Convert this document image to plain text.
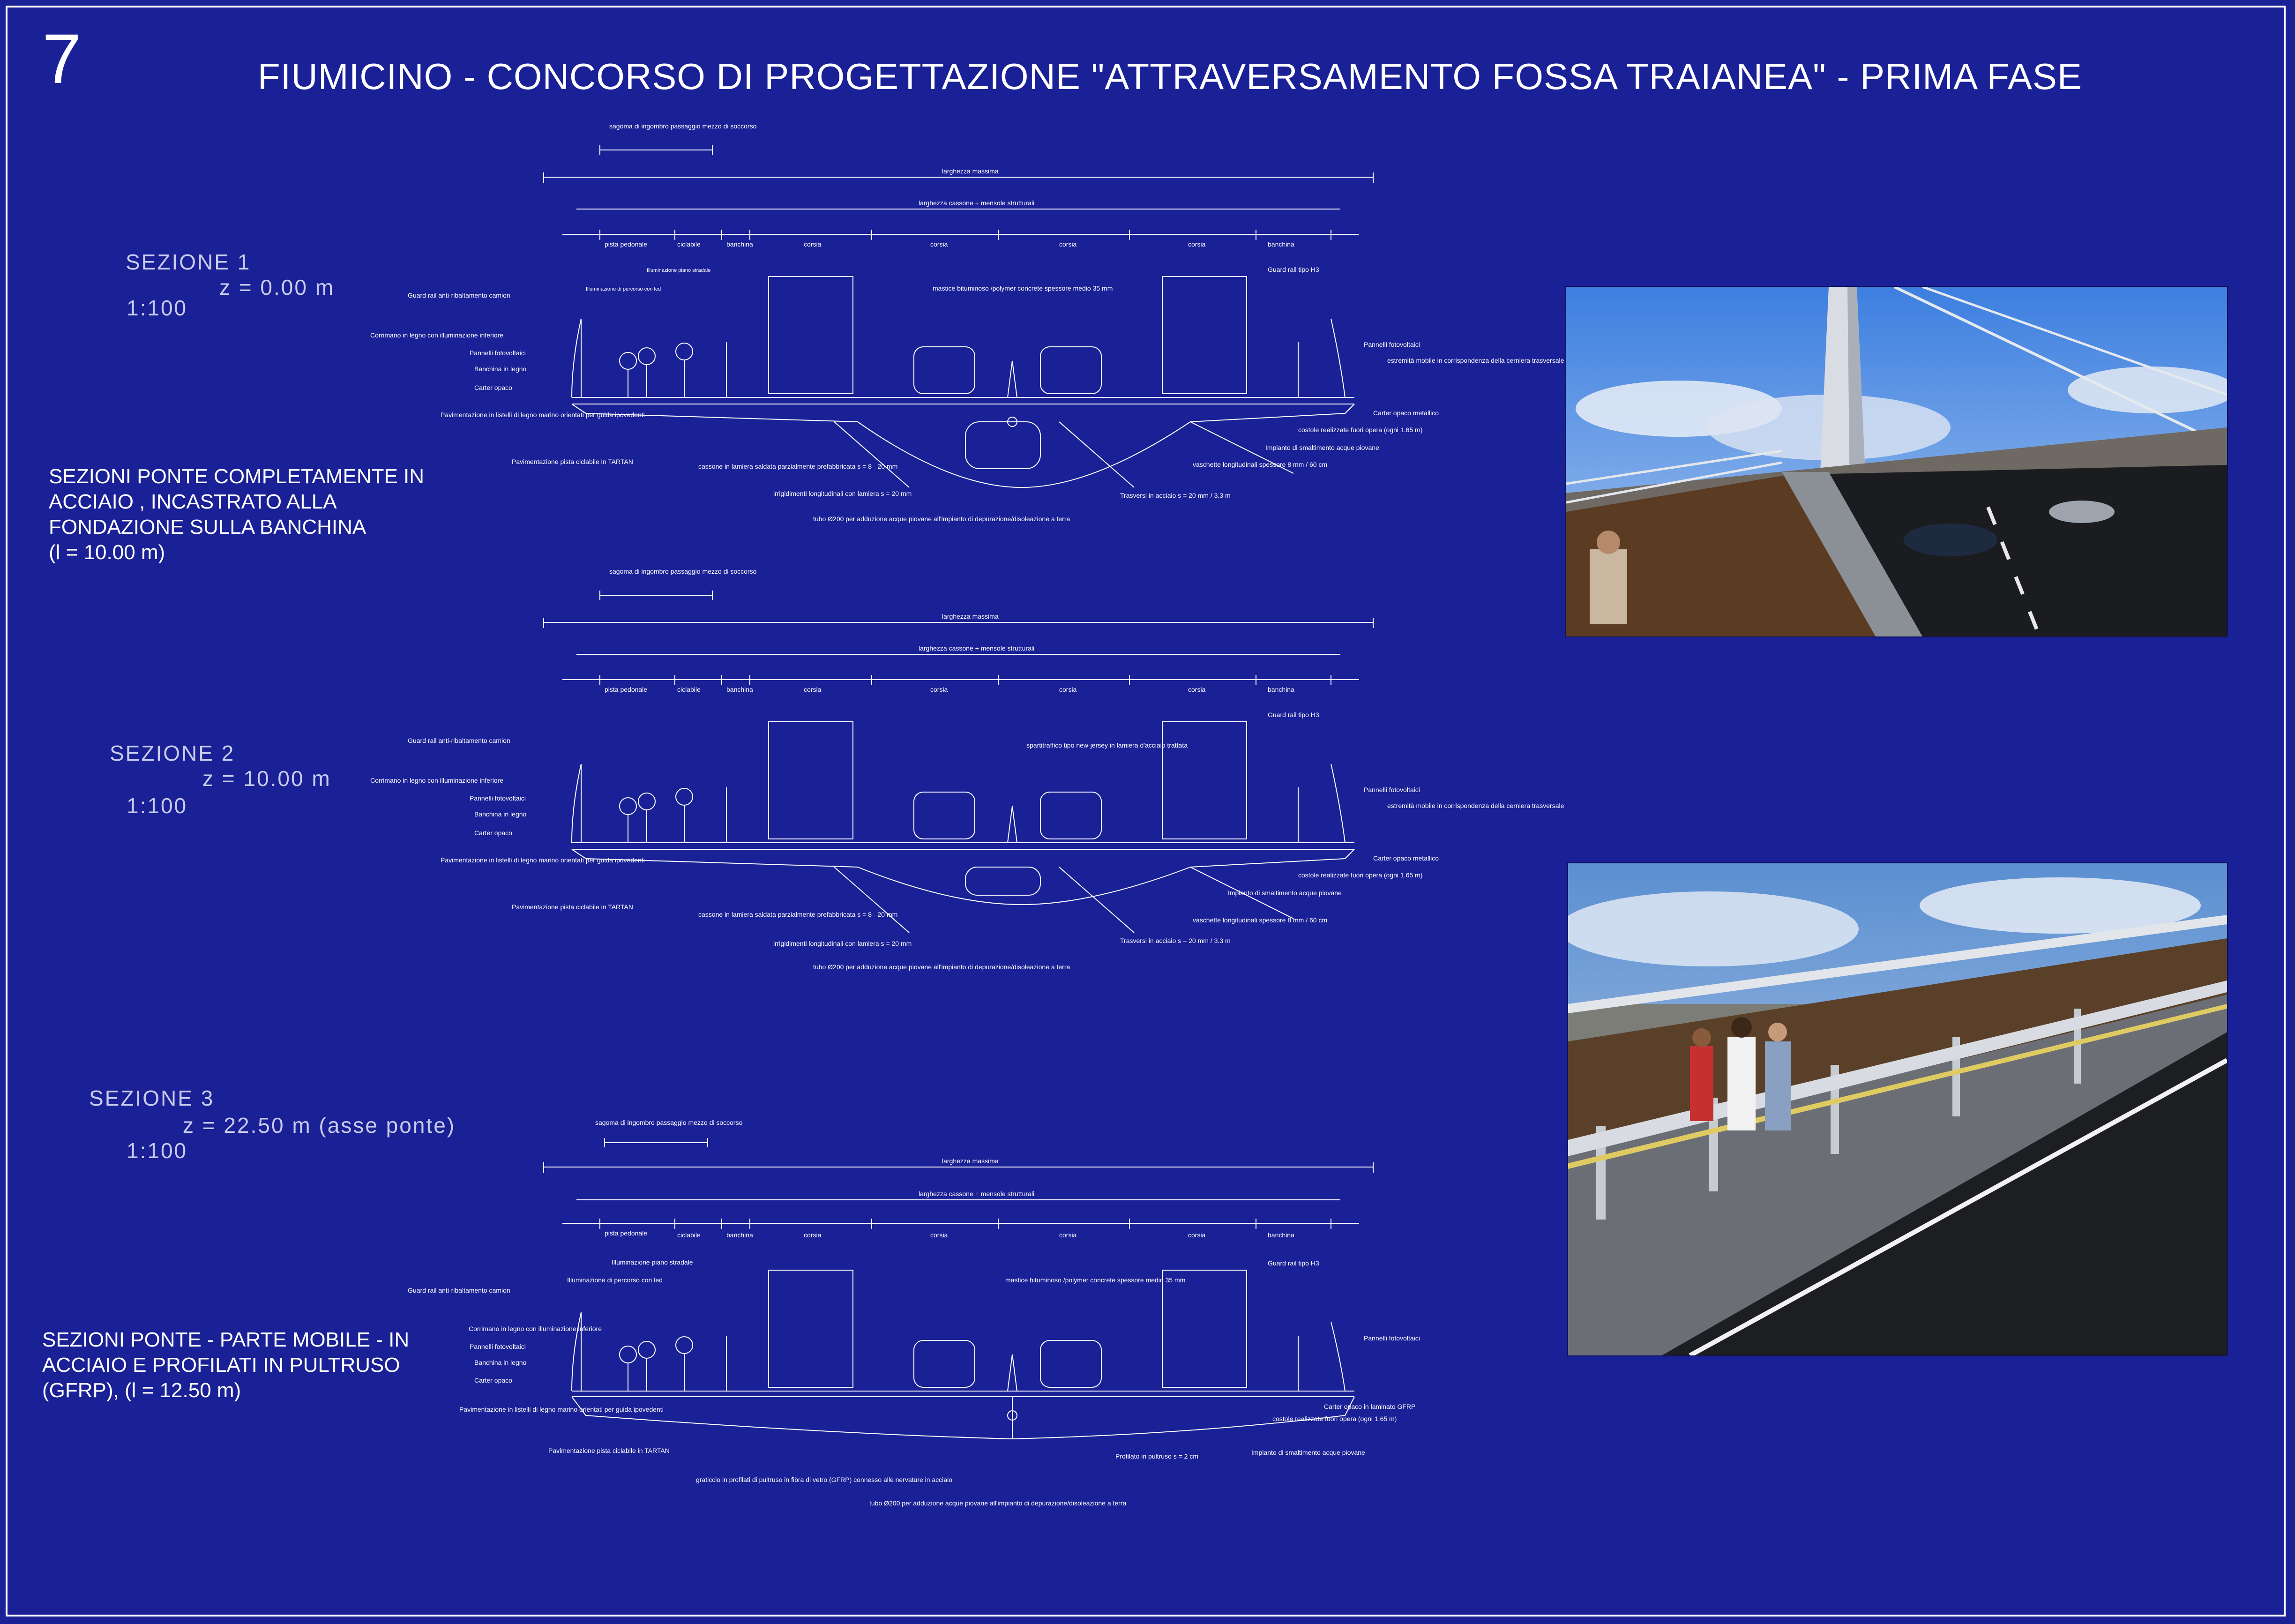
7	FIUMICINO - CONCORSO DI PROGETTAZIONE "ATTRAVERSAMENTO FOSSA TRAIANEA" - PRIMA FASE
SEZIONE 1
z = 0.00 m
1:100
SEZIONE 2
z = 10.00 m
1:100
SEZIONE 3
z = 22.50 m (asse ponte)
1:100
SEZIONI PONTE COMPLETAMENTE IN
ACCIAIO , INCASTRATO ALLA
FONDAZIONE SULLA BANCHINA
(l = 10.00 m)
SEZIONI PONTE - PARTE MOBILE - IN
ACCIAIO E PROFILATI IN PULTRUSO
(GFRP), (l = 12.50 m)
sagoma di ingombro passaggio mezzo di soccorso
larghezza massima
larghezza cassone + mensole strutturali
pista pedonale	ciclabile	banchina	corsia	corsia	corsia	corsia	banchina
Guard rail anti-ribaltamento camion
Corrimano in legno con illuminazione inferiore
Pannelli fotovoltaici
Banchina in legno
Carter opaco
Pavimentazione in listelli di legno marino orientati per guida ipovedenti
Pavimentazione pista ciclabile in TARTAN
Illuminazione di percorso con led
Illuminazione piano stradale
mastice bituminoso /polymer concrete spessore medio 35 mm
Guard rail tipo H3
Pannelli fotovoltaici
estremità mobile in corrispondenza della cerniera trasversale
Carter opaco metallico
costole realizzate fuori opera (ogni 1.65 m)
Impianto di smaltimento acque piovane
vaschette longitudinali spessore 8 mm / 60 cm
Trasversi in acciaio s = 20 mm / 3.3 m
cassone in lamiera saldata parzialmente prefabbricata s = 8 - 20 mm
irrigidimenti longitudinali con lamiera s = 20 mm
tubo Ø200 per adduzione acque piovane all'impianto di depurazione/disoleazione a terra
sagoma di ingombro passaggio mezzo di soccorso
larghezza massima
larghezza cassone + mensole strutturali
pista pedonale	ciclabile	banchina	corsia	corsia	corsia	corsia	banchina
Guard rail anti-ribaltamento camion
Corrimano in legno con illuminazione inferiore
Pannelli fotovoltaici
Banchina in legno
Carter opaco
Pavimentazione in listelli di legno marino orientati per guida ipovedenti
Pavimentazione pista ciclabile in TARTAN
spartitraffico tipo new-jersey in lamiera d'acciaio trattata
Guard rail tipo H3
Pannelli fotovoltaici
estremità mobile in corrispondenza della cerniera trasversale
Carter opaco metallico
costole realizzate fuori opera (ogni 1.65 m)
Impianto di smaltimento acque piovane
vaschette longitudinali spessore 8 mm / 60 cm
Trasversi in acciaio s = 20 mm / 3.3 m
cassone in lamiera saldata parzialmente prefabbricata s = 8 - 20 mm
irrigidimenti longitudinali con lamiera s = 20 mm
tubo Ø200 per adduzione acque piovane all'impianto di depurazione/disoleazione a terra
sagoma di ingombro passaggio mezzo di soccorso
larghezza massima
larghezza cassone + mensole strutturali
pista pedonale	ciclabile	banchina	corsia	corsia	corsia	corsia	banchina
Guard rail anti-ribaltamento camion
Corrimano in legno con illuminazione inferiore
Pannelli fotovoltaici
Banchina in legno
Carter opaco
Pavimentazione in listelli di legno marino orientati per guida ipovedenti
Pavimentazione pista ciclabile in TARTAN
Illuminazione piano stradale
Illuminazione di percorso con led	mastice bituminoso /polymer concrete spessore medio 35 mm
Guard rail tipo H3
Pannelli fotovoltaici
Carter opaco in laminato GFRP
costole realizzate fuori opera (ogni 1.65 m)
Impianto di smaltimento acque piovane
Profilato in pultruso s = 2 cm
graticcio in profilati di pultruso in fibra di vetro (GFRP) connesso alle nervature in acciaio
tubo Ø200 per adduzione acque piovane all'impianto di depurazione/disoleazione a terra
